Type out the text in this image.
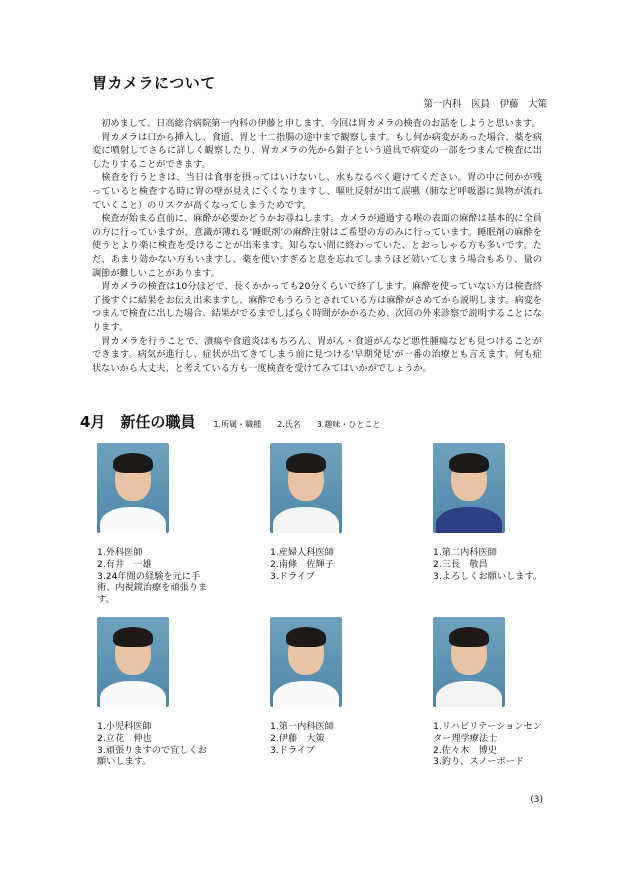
胃カメラについて
第一内科　医員　伊藤　大策

初めまして。日高総合病院第一内科の伊藤と申します。今回は胃カメラの検査のお話をしようと思います。

胃カメラは口から挿入し、食道、胃と十二指腸の途中まで観察します。もし何か病変があった場合、薬を病変に噴射してさらに詳しく観察したり、胃カメラの先から鉗子という道具で病変の一部をつまんで検査に出したりすることができます。

検査を行うときは、当日は食事を摂ってはいけないし、水もなるべく避けてください。胃の中に何かが残っていると検査する時に胃の壁が見えにくくなりますし、嘔吐反射が出て誤嚥（肺など呼吸器に異物が流れていくこと）のリスクが高くなってしまうためです。

検査が始まる直前に、麻酔が必要かどうかお尋ねします。カメラが通過する喉の表面の麻酔は基本的に全員の方に行っていますが、意識が薄れる‘睡眠剤’の麻酔注射はご希望の方のみに行っています。睡眠剤の麻酔を使うとより楽に検査を受けることが出来ます。知らない間に終わっていた、とおっしゃる方も多いです。ただ、あまり効かない方もいますし、薬を使いすぎると息を忘れてしまうほど効いてしまう場合もあり、量の調節が難しいことがあります。

胃カメラの検査は10分ほどで、長くかかっても20分くらいで終了します。麻酔を使っていない方は検査終了後すぐに結果をお伝え出来ますし、麻酔でもうろうとされている方は麻酔がさめてから説明します。病変をつまんで検査に出した場合、結果がでるまでしばらく時間がかかるため、次回の外来診察で説明することになります。

胃カメラを行うことで、潰瘍や食道炎はもちろん、胃がん・食道がんなど悪性腫瘍なども見つけることができます。病気が進行し、症状が出てきてしまう前に見つける‘早期発見’が一番の治療とも言えます。何も症状ないから大丈夫、と考えている方も一度検査を受けてみてはいかがでしょうか。

4月　新任の職員 1.所属・職種　　2.氏名　　3.趣味・ひとこと
1.外科医師
2.有井　一雄
3.24年間の経験を元に手術、内視鏡治療を頑張ります。
1.産婦人科医師
2.南條　佐輝子
3.ドライブ
1.第二内科医師
2.三長　敬昌
3.よろしくお願いします。
1.小児科医師
2.立花　伸也
3.頑張りますので宜しくお願いします。
1.第一内科医師
2.伊藤　大策
3.ドライブ
1.リハビリテーションセンター理学療法士
2.佐々木　博史
3.釣り、スノーボード
(3)
